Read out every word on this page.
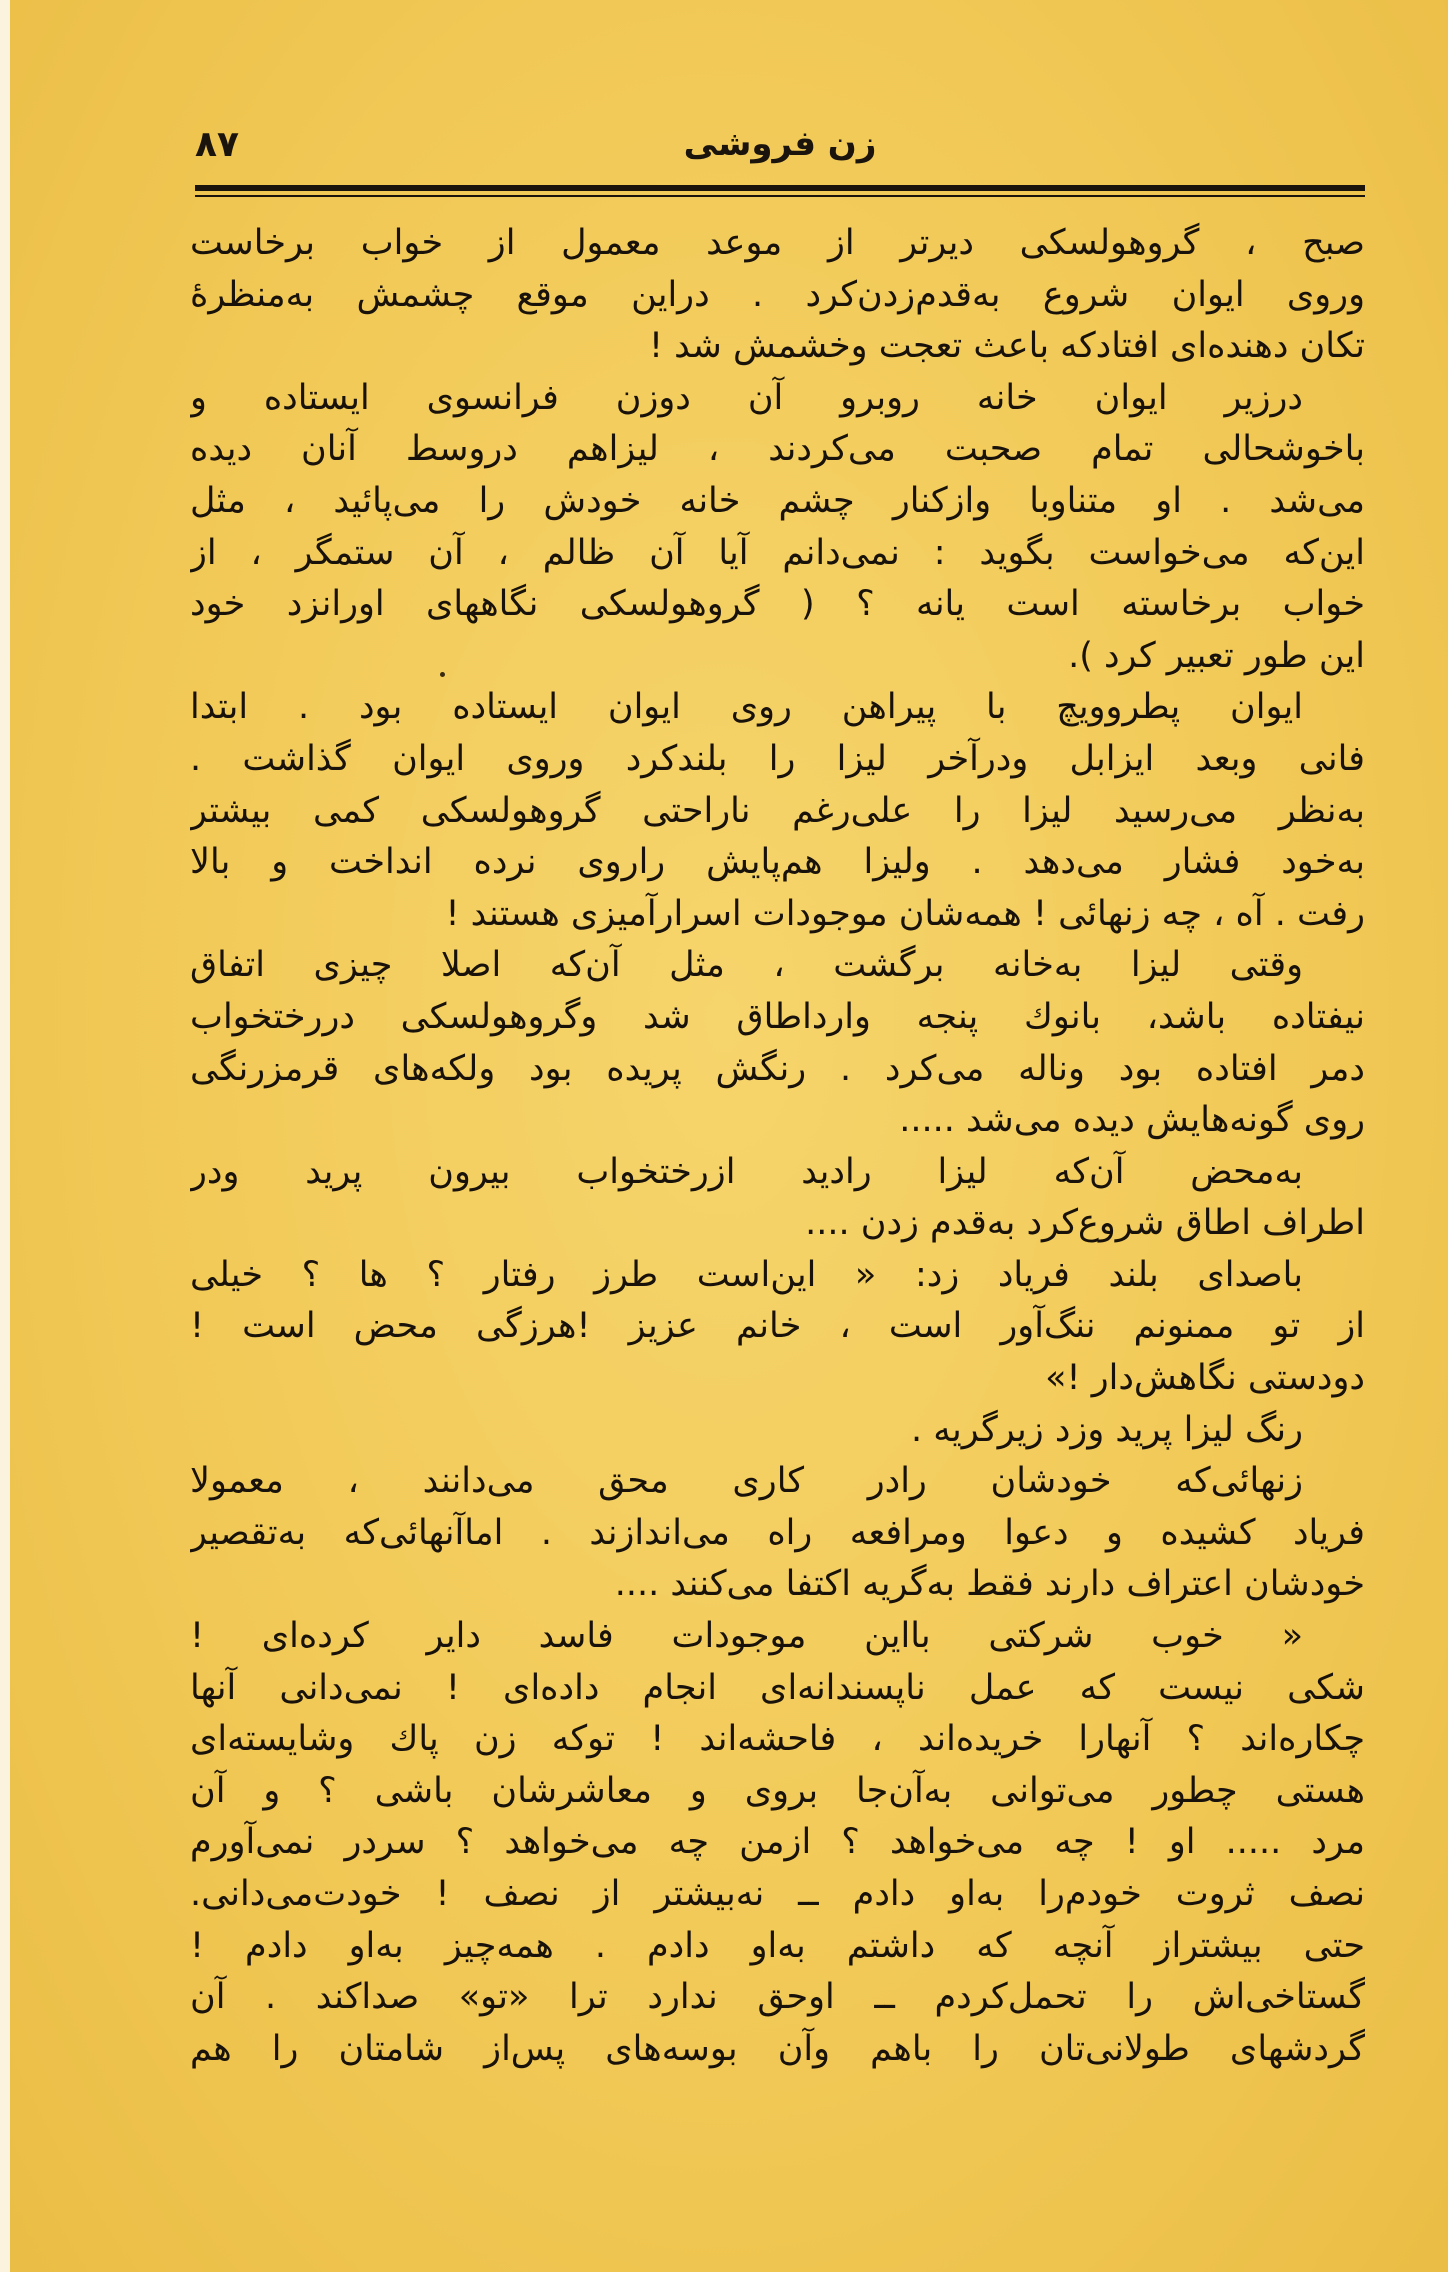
زن فروشی
۸۷
صبح ، گروهولسکی دیرتر از موعد معمول از خواب برخاست
وروی ایوان شروع به‌قدم‌زدن‌کرد . دراین موقع چشمش به‌منظرهٔ
تکان دهنده‌ای افتادکه باعث تعجت وخشمش شد !
درزیر ایوان خانه روبرو آن دوزن فرانسوی ایستاده و
باخوشحالی تمام صحبت می‌کردند ، لیزاهم دروسط آنان دیده
می‌شد . او متناوبا وازکنار چشم خانه خودش را می‌پائید ، مثل
این‌که می‌خواست بگوید : نمی‌دانم آیا آن ظالم ، آن ستمگر ، از
خواب برخاسته است یانه ؟ ( گروهولسکی نگاههای اورانزد خود
این طور تعبیر کرد ).
ایوان پطروویچ با پیراهن روی ایوان ایستاده بود . ابتدا
فانی وبعد ایزابل ودرآخر لیزا را بلندکرد وروی ایوان گذاشت .
به‌نظر می‌رسید لیزا را علی‌رغم ناراحتی گروهولسکی کمی بیشتر
به‌خود فشار می‌دهد . ولیزا هم‌پایش راروی نرده انداخت و بالا
رفت . آه ، چه زنهائی ! همه‌شان موجودات اسرارآمیزی هستند !
وقتی لیزا به‌خانه برگشت ، مثل آن‌که اصلا چیزی اتفاق
نیفتاده باشد، بانوك پنجه وارداطاق شد وگروهولسکی دررختخواب
دمر افتاده بود وناله می‌کرد . رنگش پریده بود ولکه‌های قرمزرنگی
روی گونه‌هایش دیده می‌شد .....
به‌محض آن‌که لیزا رادید ازرختخواب بیرون پرید ودر
اطراف اطاق شروع‌کرد به‌قدم زدن ....
باصدای بلند فریاد زد: « این‌است طرز رفتار ؟ ها ؟ خیلی
از تو ممنونم ننگ‌آور است ، خانم عزیز !هرزگی محض است !
دودستی نگاهش‌دار !»
رنگ لیزا پرید وزد زیرگریه .
زنهائی‌که خودشان رادر کاری محق می‌دانند ، معمولا
فریاد کشیده و دعوا ومرافعه راه می‌اندازند . اماآنهائی‌که به‌تقصیر
خودشان اعتراف دارند فقط به‌گریه اکتفا می‌کنند ....
« خوب شرکتی بااین موجودات فاسد دایر کرده‌ای !
شکی نیست که عمل ناپسندانه‌ای انجام داده‌ای ! نمی‌دانی آنها
چکاره‌اند ؟ آنهارا خریده‌اند ، فاحشه‌اند ! توکه زن پاك وشایسته‌ای
هستی چطور می‌توانی به‌آن‌جا بروی و معاشرشان باشی ؟ و آن
مرد ..... او ! چه می‌خواهد ؟ ازمن چه می‌خواهد ؟ سردر نمی‌آورم
نصف ثروت خودم‌را به‌او دادم ــ نه‌بیشتر از نصف ! خودت‌می‌دانی.
حتی بیشتراز آنچه که داشتم به‌او دادم . همه‌چیز به‌او دادم !
گستاخی‌اش را تحمل‌کردم ــ اوحق ندارد ترا «تو» صداکند . آن
گردشهای طولانی‌تان را باهم وآن بوسه‌های پس‌از شامتان را هم
